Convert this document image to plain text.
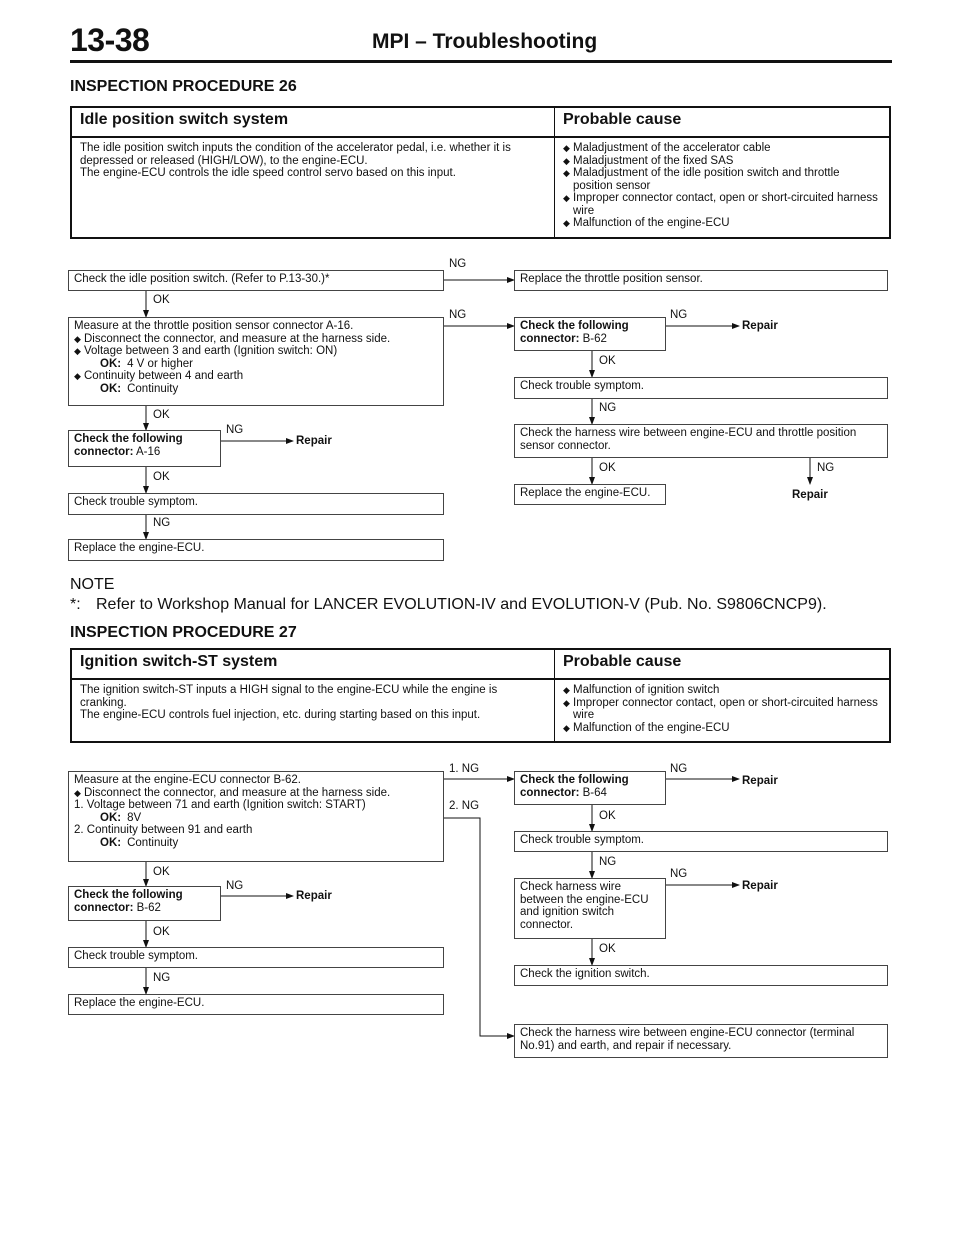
13-38	MPI – Troubleshooting
INSPECTION PROCEDURE 26
Idle position switch system	Probable cause
The idle position switch inputs the condition of the accelerator pedal, i.e. whether it is depressed or released (HIGH/LOW), to the engine-ECU.
The engine-ECU controls the idle speed control servo based on this input.
◆ Maladjustment of the accelerator cable
◆ Maladjustment of the fixed SAS
◆ Maladjustment of the idle position switch and throttle position sensor
◆ Improper connector contact, open or short-circuited harness wire
◆ Malfunction of the engine-ECU
Check the idle position switch. (Refer to P.13-30.)*	Replace the throttle position sensor.
Measure at the throttle position sensor connector A-16.
◆ Disconnect the connector, and measure at the harness side.
◆ Voltage between 3 and earth (Ignition switch: ON)
OK: 4 V or higher
◆ Continuity between 4 and earth
OK: Continuity
Check the following connector: B-62
Repair
Check trouble symptom.
Check the harness wire between engine-ECU and throttle position sensor connector.
Replace the engine-ECU.	Repair
Check the following connector: A-16
Repair
Check trouble symptom.
Replace the engine-ECU.
NG
OK
NG	NG
OK
NG
OK
NG
OK	NG
OK
NG
NOTE
*: Refer to Workshop Manual for LANCER EVOLUTION-IV and EVOLUTION-V (Pub. No. S9806CNCP9).
INSPECTION PROCEDURE 27
Ignition switch-ST system	Probable cause
The ignition switch-ST inputs a HIGH signal to the engine-ECU while the engine is cranking.
The engine-ECU controls fuel injection, etc. during starting based on this input.
◆ Malfunction of ignition switch
◆ Improper connector contact, open or short-circuited harness wire
◆ Malfunction of the engine-ECU
Measure at the engine-ECU connector B-62.
◆ Disconnect the connector, and measure at the harness side.
1. Voltage between 71 and earth (Ignition switch: START)
OK: 8V
2. Continuity between 91 and earth
OK: Continuity
Check the following connector: B-64
Repair
Check trouble symptom.
Check harness wire between the engine-ECU and ignition switch connector.
Repair
Check the ignition switch.
Check the harness wire between engine-ECU connector (terminal No.91) and earth, and repair if necessary.
Check the following connector: B-62
Repair
Check trouble symptom.
Replace the engine-ECU.
1. NG
2. NG
NG
OK
NG
NG
OK
OK
NG
OK
NG
